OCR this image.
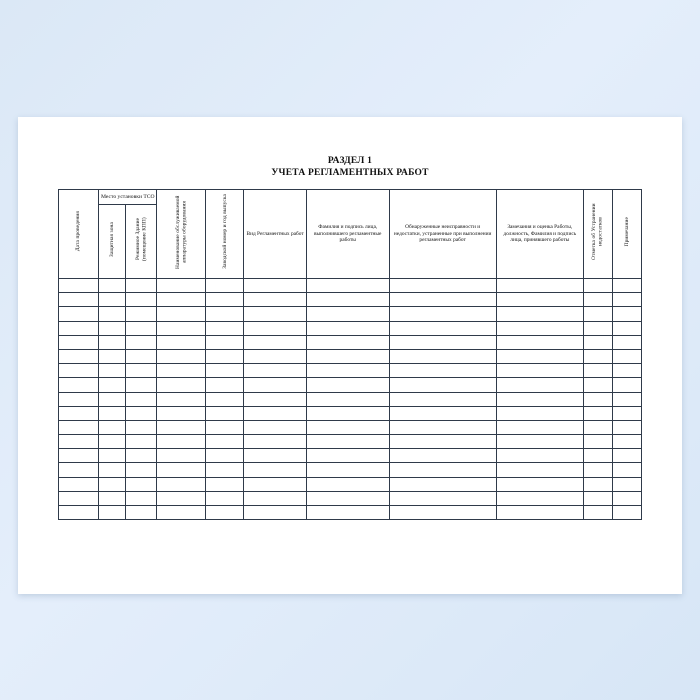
РАЗДЕЛ 1
УЧЕТА РЕГЛАМЕНТНЫХ РАБОТ
Дата проведения	Место установки ТСО		Наименование обслуживаемой аппаратуры оборудования	Заводской номер и год выпуска	Вид Регламентных работ	Фамилия и подпись лица, выполнившего регламентные работы	Обнаруженные неисправности и недостатки, устраненные при выполнении регламентных работ	Замечания и оценка Работы, должность, Фамилия и подпись лица, принявшего работы	Отметка об Устранении недостатков	Примечание
	Защитная зона	Режимное Здание (помещение КПП)								
